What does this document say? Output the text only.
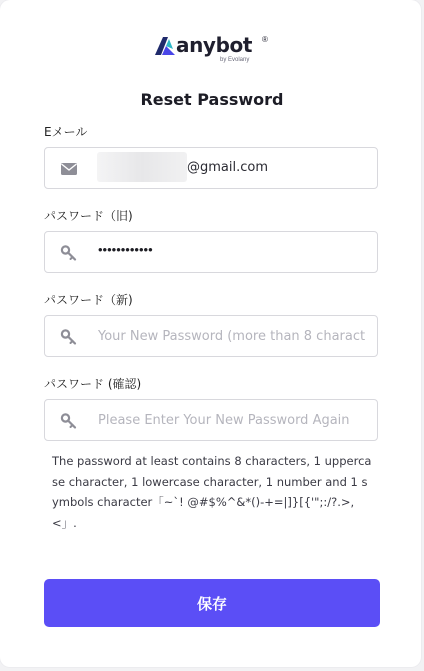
anybot ®
by Evolany
Reset Password
Eメール
@gmail.com
パスワード（旧)
••••••••••••
パスワード（新)
パスワード (確認)
The password at least contains 8 characters, 1 uppercase character, 1 lowercase character, 1 number and 1 symbols character「~`! @#$%^&*()-+=|]}[{'";:/?.>,<」.
保存
